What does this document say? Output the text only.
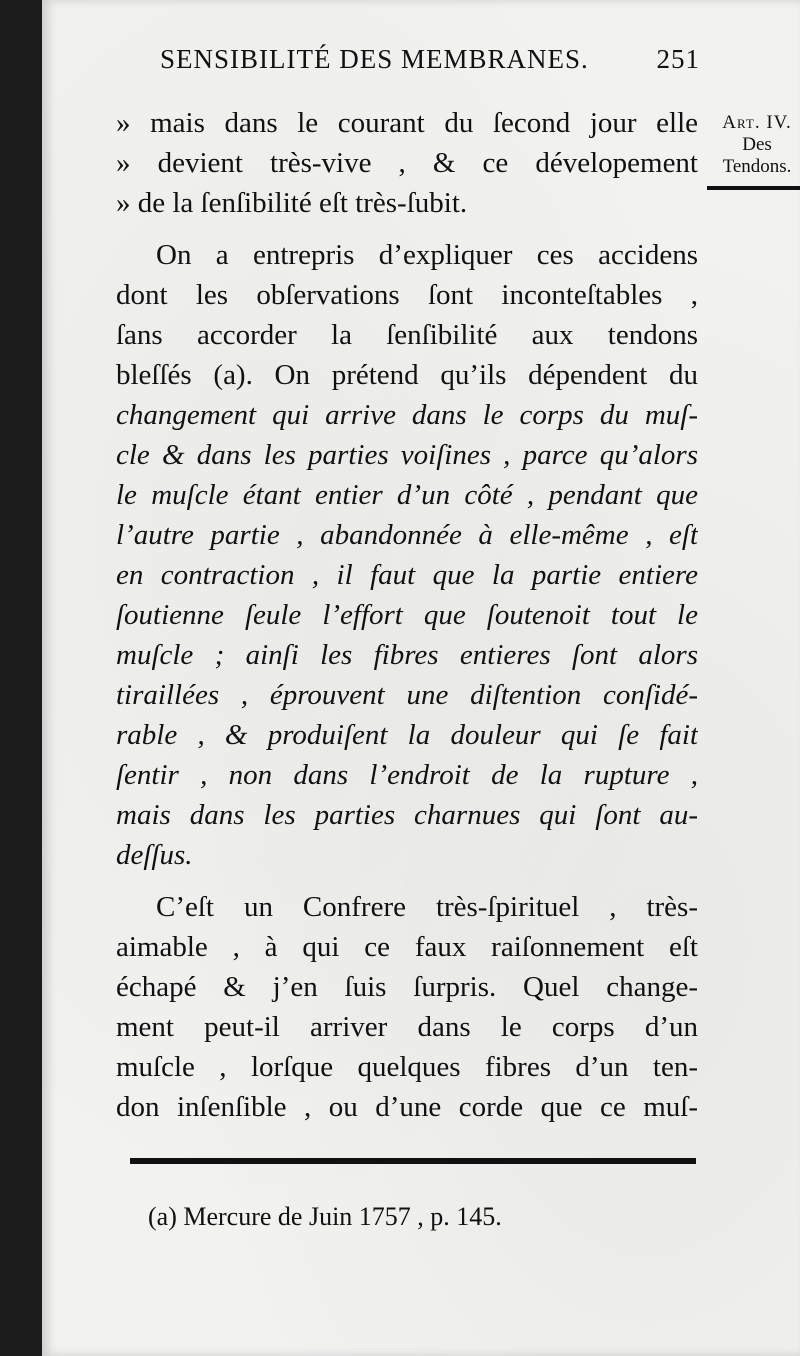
SENSIBILITÉ DES MEMBRANES.	251
Art. IV.
Des
Tendons.
» mais dans le courant du ſecond jour elle
» devient très-vive , & ce dévelopement
» de la ſenſibilité eſt très-ſubit.
On a entrepris d’expliquer ces accidens
dont les obſervations ſont inconteſtables ,
ſans accorder la ſenſibilité aux tendons
bleſſés (a). On prétend qu’ils dépendent du
changement qui arrive dans le corps du muſ-
cle & dans les parties voiſines , parce qu’alors
le muſcle étant entier d’un côté , pendant que
l’autre partie , abandonnée à elle-même , eſt
en contraction , il faut que la partie entiere
ſoutienne ſeule l’effort que ſoutenoit tout le
muſcle ; ainſi les fibres entieres ſont alors
tiraillées , éprouvent une diſtention conſidé-
rable , & produiſent la douleur qui ſe fait
ſentir , non dans l’endroit de la rupture ,
mais dans les parties charnues qui ſont au-
deſſus.
C’eſt un Confrere très-ſpirituel , très-
aimable , à qui ce faux raiſonnement eſt
échapé & j’en ſuis ſurpris. Quel change-
ment peut-il arriver dans le corps d’un
muſcle , lorſque quelques fibres d’un ten-
don inſenſible , ou d’une corde que ce muſ-
(a) Mercure de Juin 1757 , p. 145.
